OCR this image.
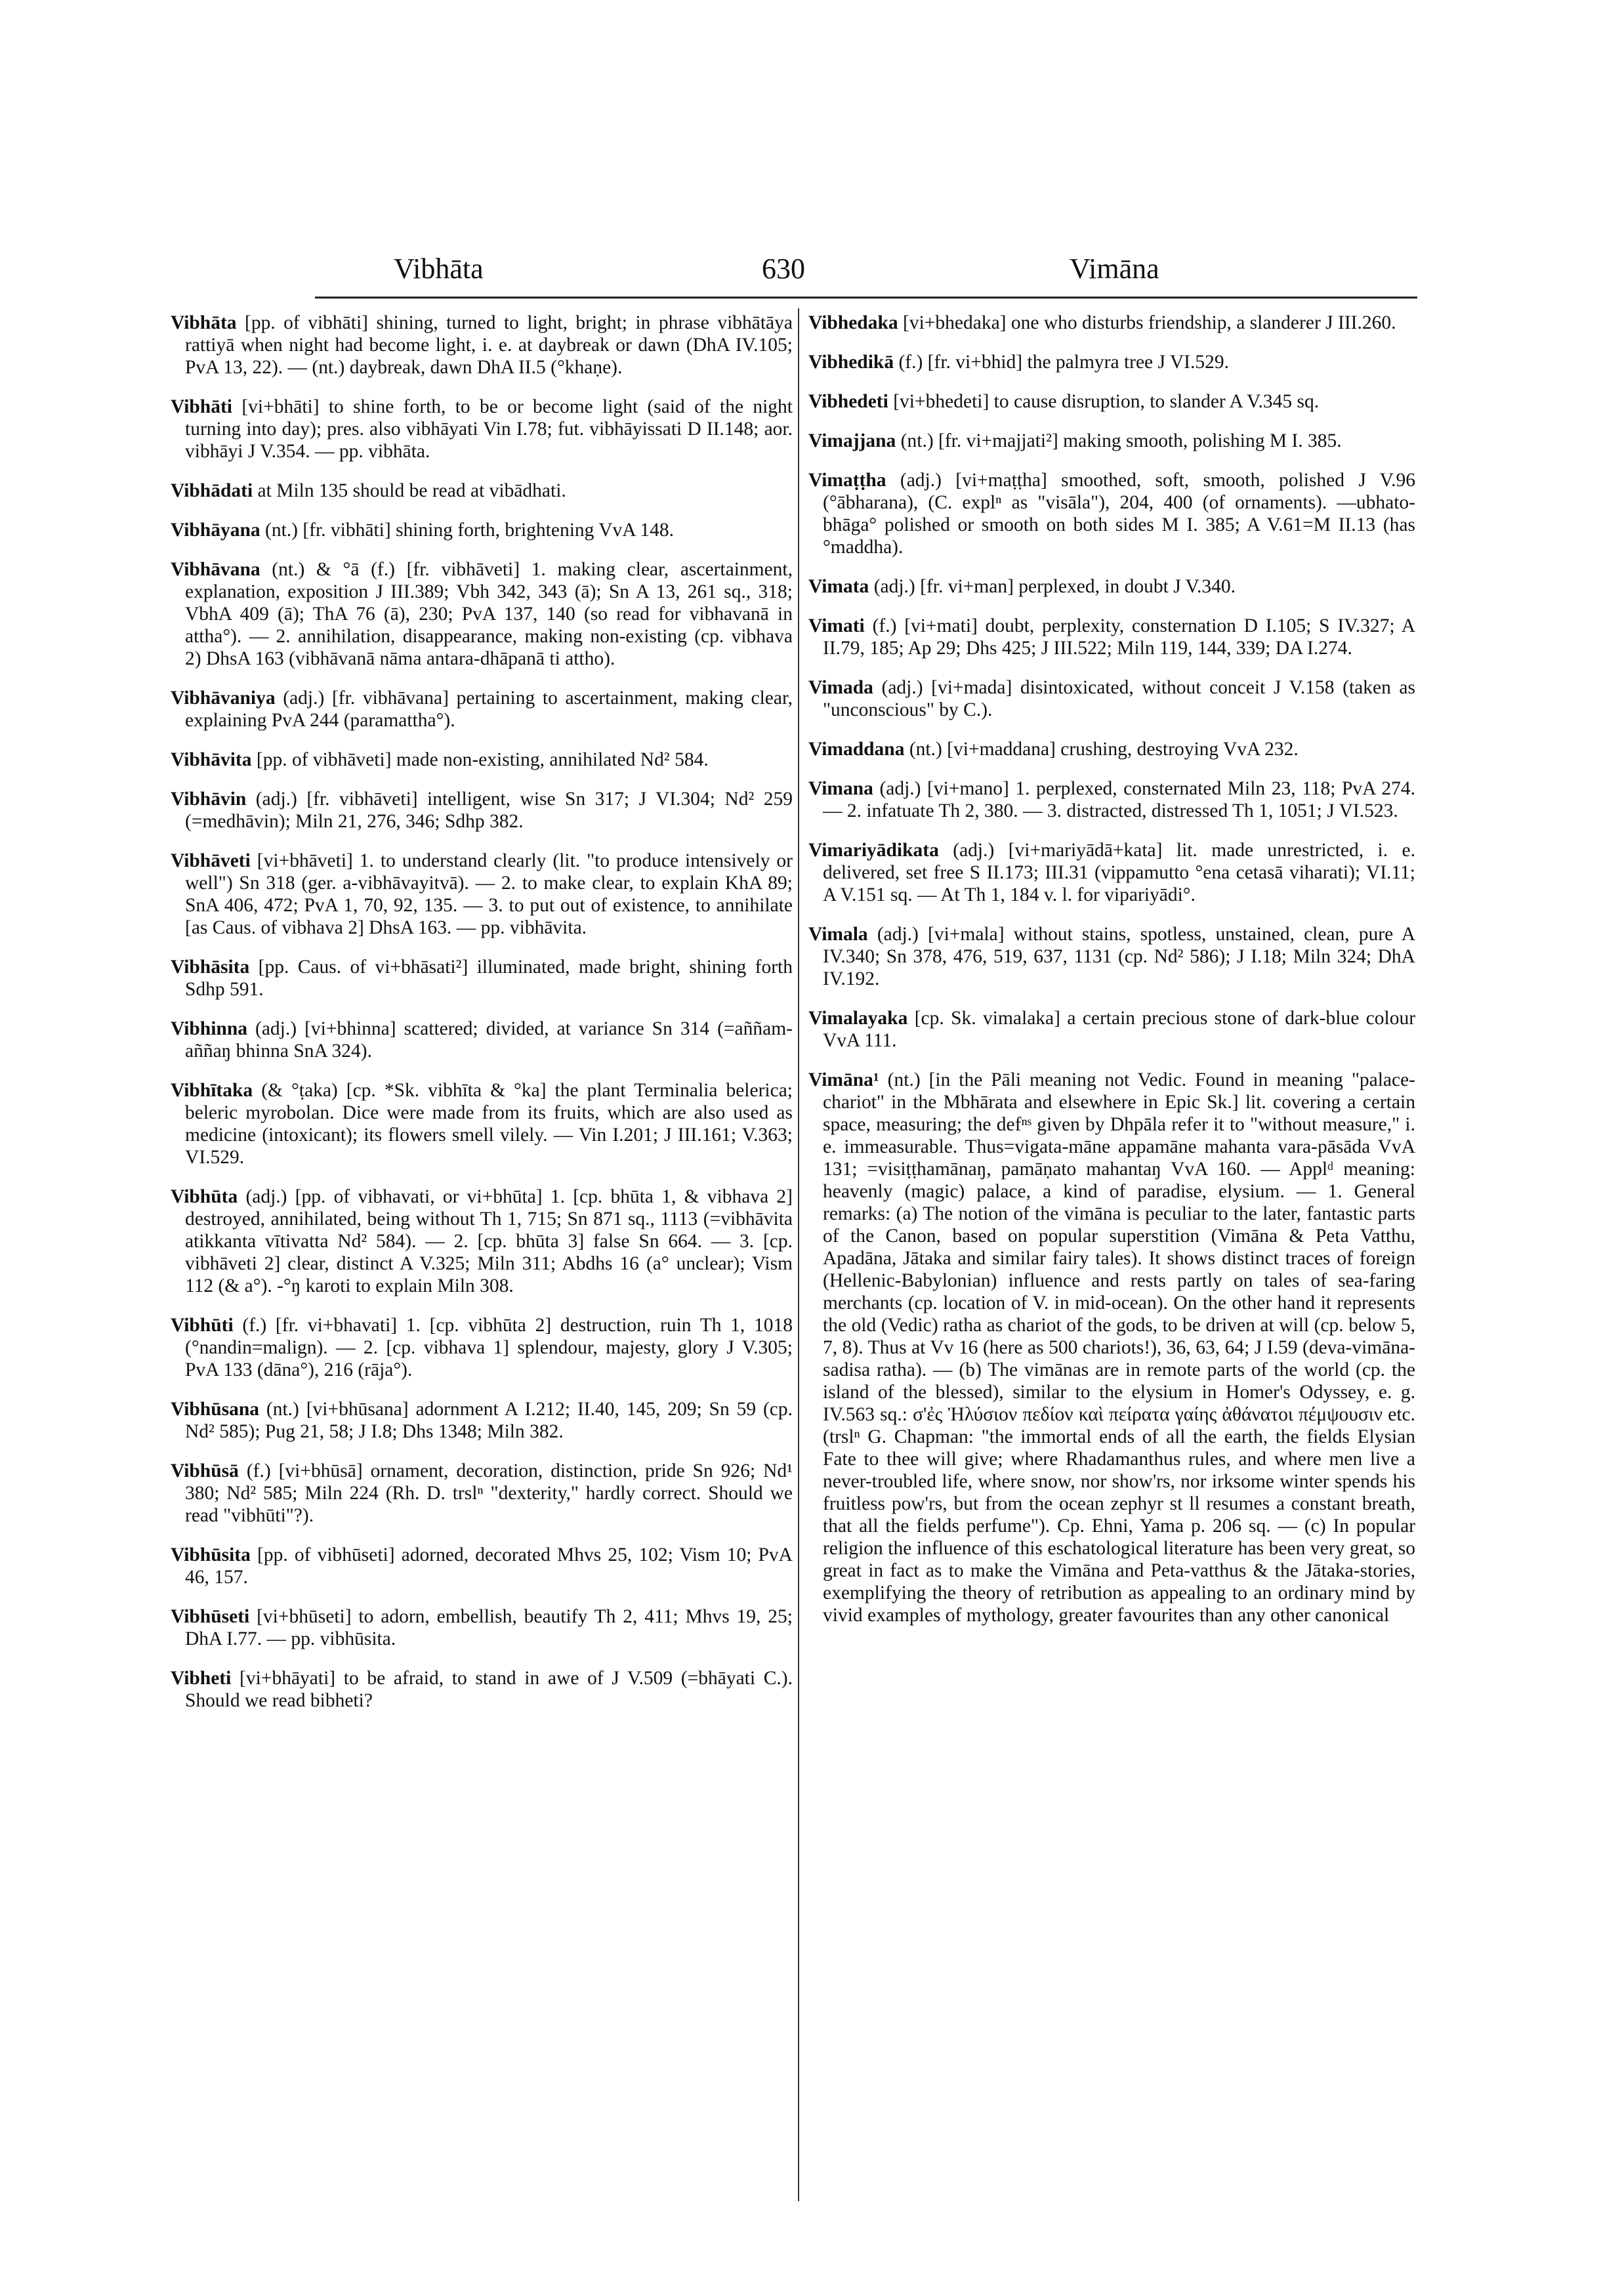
Vibhāta	630	Vimāna

Vibhāta [pp. of vibhāti] shining, turned to light, bright; in phrase vibhātāya rattiyā when night had become light, i. e. at daybreak or dawn (DhA IV.105; PvA 13, 22). — (nt.) daybreak, dawn DhA II.5 (°khaṇe).

Vibhāti [vi+bhāti] to shine forth, to be or become light (said of the night turning into day); pres. also vibhāyati Vin I.78; fut. vibhāyissati D II.148; aor. vibhāyi J V.354. — pp. vibhāta.

Vibhādati at Miln 135 should be read at vibādhati.

Vibhāyana (nt.) [fr. vibhāti] shining forth, brightening VvA 148.

Vibhāvana (nt.) & °ā (f.) [fr. vibhāveti] 1. making clear, ascertainment, explanation, exposition J III.389; Vbh 342, 343 (ā); Sn A 13, 261 sq., 318; VbhA 409 (ā); ThA 76 (ā), 230; PvA 137, 140 (so read for vibhavanā in attha°). — 2. annihilation, disappearance, making non-existing (cp. vibhava 2) DhsA 163 (vibhāvanā nāma antara-dhāpanā ti attho).

Vibhāvaniya (adj.) [fr. vibhāvana] pertaining to ascertainment, making clear, explaining PvA 244 (paramattha°).

Vibhāvita [pp. of vibhāveti] made non-existing, annihilated Nd² 584.

Vibhāvin (adj.) [fr. vibhāveti] intelligent, wise Sn 317; J VI.304; Nd² 259 (=medhāvin); Miln 21, 276, 346; Sdhp 382.

Vibhāveti [vi+bhāveti] 1. to understand clearly (lit. "to produce intensively or well") Sn 318 (ger. a-vibhāvayitvā). — 2. to make clear, to explain KhA 89; SnA 406, 472; PvA 1, 70, 92, 135. — 3. to put out of existence, to annihilate [as Caus. of vibhava 2] DhsA 163. — pp. vibhāvita.

Vibhāsita [pp. Caus. of vi+bhāsati²] illuminated, made bright, shining forth Sdhp 591.

Vibhinna (adj.) [vi+bhinna] scattered; divided, at variance Sn 314 (=aññam-aññaŋ bhinna SnA 324).

Vibhītaka (& °ṭaka) [cp. *Sk. vibhīta & °ka] the plant Terminalia belerica; beleric myrobolan. Dice were made from its fruits, which are also used as medicine (intoxicant); its flowers smell vilely. — Vin I.201; J III.161; V.363; VI.529.

Vibhūta (adj.) [pp. of vibhavati, or vi+bhūta] 1. [cp. bhūta 1, & vibhava 2] destroyed, annihilated, being without Th 1, 715; Sn 871 sq., 1113 (=vibhāvita atikkanta vītivatta Nd² 584). — 2. [cp. bhūta 3] false Sn 664. — 3. [cp. vibhāveti 2] clear, distinct A V.325; Miln 311; Abdhs 16 (a° unclear); Vism 112 (& a°). -°ŋ karoti to explain Miln 308.

Vibhūti (f.) [fr. vi+bhavati] 1. [cp. vibhūta 2] destruction, ruin Th 1, 1018 (°nandin=malign). — 2. [cp. vibhava 1] splendour, majesty, glory J V.305; PvA 133 (dāna°), 216 (rāja°).

Vibhūsana (nt.) [vi+bhūsana] adornment A I.212; II.40, 145, 209; Sn 59 (cp. Nd² 585); Pug 21, 58; J I.8; Dhs 1348; Miln 382.

Vibhūsā (f.) [vi+bhūsā] ornament, decoration, distinction, pride Sn 926; Nd¹ 380; Nd² 585; Miln 224 (Rh. D. trslⁿ "dexterity," hardly correct. Should we read "vibhūti"?).

Vibhūsita [pp. of vibhūseti] adorned, decorated Mhvs 25, 102; Vism 10; PvA 46, 157.

Vibhūseti [vi+bhūseti] to adorn, embellish, beautify Th 2, 411; Mhvs 19, 25; DhA I.77. — pp. vibhūsita.

Vibheti [vi+bhāyati] to be afraid, to stand in awe of J V.509 (=bhāyati C.). Should we read bibheti?

Vibhedaka [vi+bhedaka] one who disturbs friendship, a slanderer J III.260.

Vibhedikā (f.) [fr. vi+bhid] the palmyra tree J VI.529.

Vibhedeti [vi+bhedeti] to cause disruption, to slander A V.345 sq.

Vimajjana (nt.) [fr. vi+majjati²] making smooth, polishing M I. 385.

Vimaṭṭha (adj.) [vi+maṭṭha] smoothed, soft, smooth, polished J V.96 (°ābharana), (C. explⁿ as "visāla"), 204, 400 (of ornaments). —ubhato-bhāga° polished or smooth on both sides M I. 385; A V.61=M II.13 (has °maddha).

Vimata (adj.) [fr. vi+man] perplexed, in doubt J V.340.

Vimati (f.) [vi+mati] doubt, perplexity, consternation D I.105; S IV.327; A II.79, 185; Ap 29; Dhs 425; J III.522; Miln 119, 144, 339; DA I.274.

Vimada (adj.) [vi+mada] disintoxicated, without conceit J V.158 (taken as "unconscious" by C.).

Vimaddana (nt.) [vi+maddana] crushing, destroying VvA 232.

Vimana (adj.) [vi+mano] 1. perplexed, consternated Miln 23, 118; PvA 274. — 2. infatuate Th 2, 380. — 3. distracted, distressed Th 1, 1051; J VI.523.

Vimariyādikata (adj.) [vi+mariyādā+kata] lit. made unrestricted, i. e. delivered, set free S II.173; III.31 (vippamutto °ena cetasā viharati); VI.11; A V.151 sq. — At Th 1, 184 v. l. for vipariyādi°.

Vimala (adj.) [vi+mala] without stains, spotless, unstained, clean, pure A IV.340; Sn 378, 476, 519, 637, 1131 (cp. Nd² 586); J I.18; Miln 324; DhA IV.192.

Vimalayaka [cp. Sk. vimalaka] a certain precious stone of dark-blue colour VvA 111.

Vimāna¹ (nt.) [in the Pāli meaning not Vedic. Found in meaning "palace-chariot" in the Mbhārata and elsewhere in Epic Sk.] lit. covering a certain space, measuring; the defⁿˢ given by Dhpāla refer it to "without measure," i. e. immeasurable. Thus=vigata-māne appamāne mahanta vara-pāsāda VvA 131; =visiṭṭhamānaŋ, pamāṇato mahantaŋ VvA 160. — Applᵈ meaning: heavenly (magic) palace, a kind of paradise, elysium. — 1. General remarks: (a) The notion of the vimāna is peculiar to the later, fantastic parts of the Canon, based on popular superstition (Vimāna & Peta Vatthu, Apadāna, Jātaka and similar fairy tales). It shows distinct traces of foreign (Hellenic-Babylonian) influence and rests partly on tales of sea-faring merchants (cp. location of V. in mid-ocean). On the other hand it represents the old (Vedic) ratha as chariot of the gods, to be driven at will (cp. below 5, 7, 8). Thus at Vv 16 (here as 500 chariots!), 36, 63, 64; J I.59 (deva-vimāna-sadisa ratha). — (b) The vimānas are in remote parts of the world (cp. the island of the blessed), similar to the elysium in Homer's Odyssey, e. g. IV.563 sq.: σ'ἐς Ἠλύσιον πεδίον καὶ πείρατα γαίης ἀθάνατοι πέμψουσιν etc. (trslⁿ G. Chapman: "the immortal ends of all the earth, the fields Elysian Fate to thee will give; where Rhadamanthus rules, and where men live a never-troubled life, where snow, nor show'rs, nor irksome winter spends his fruitless pow'rs, but from the ocean zephyr st ll resumes a constant breath, that all the fields perfume"). Cp. Ehni, Yama p. 206 sq. — (c) In popular religion the influence of this eschatological literature has been very great, so great in fact as to make the Vimāna and Peta-vatthus & the Jātaka-stories, exemplifying the theory of retribution as appealing to an ordinary mind by vivid examples of mythology, greater favourites than any other canonical
